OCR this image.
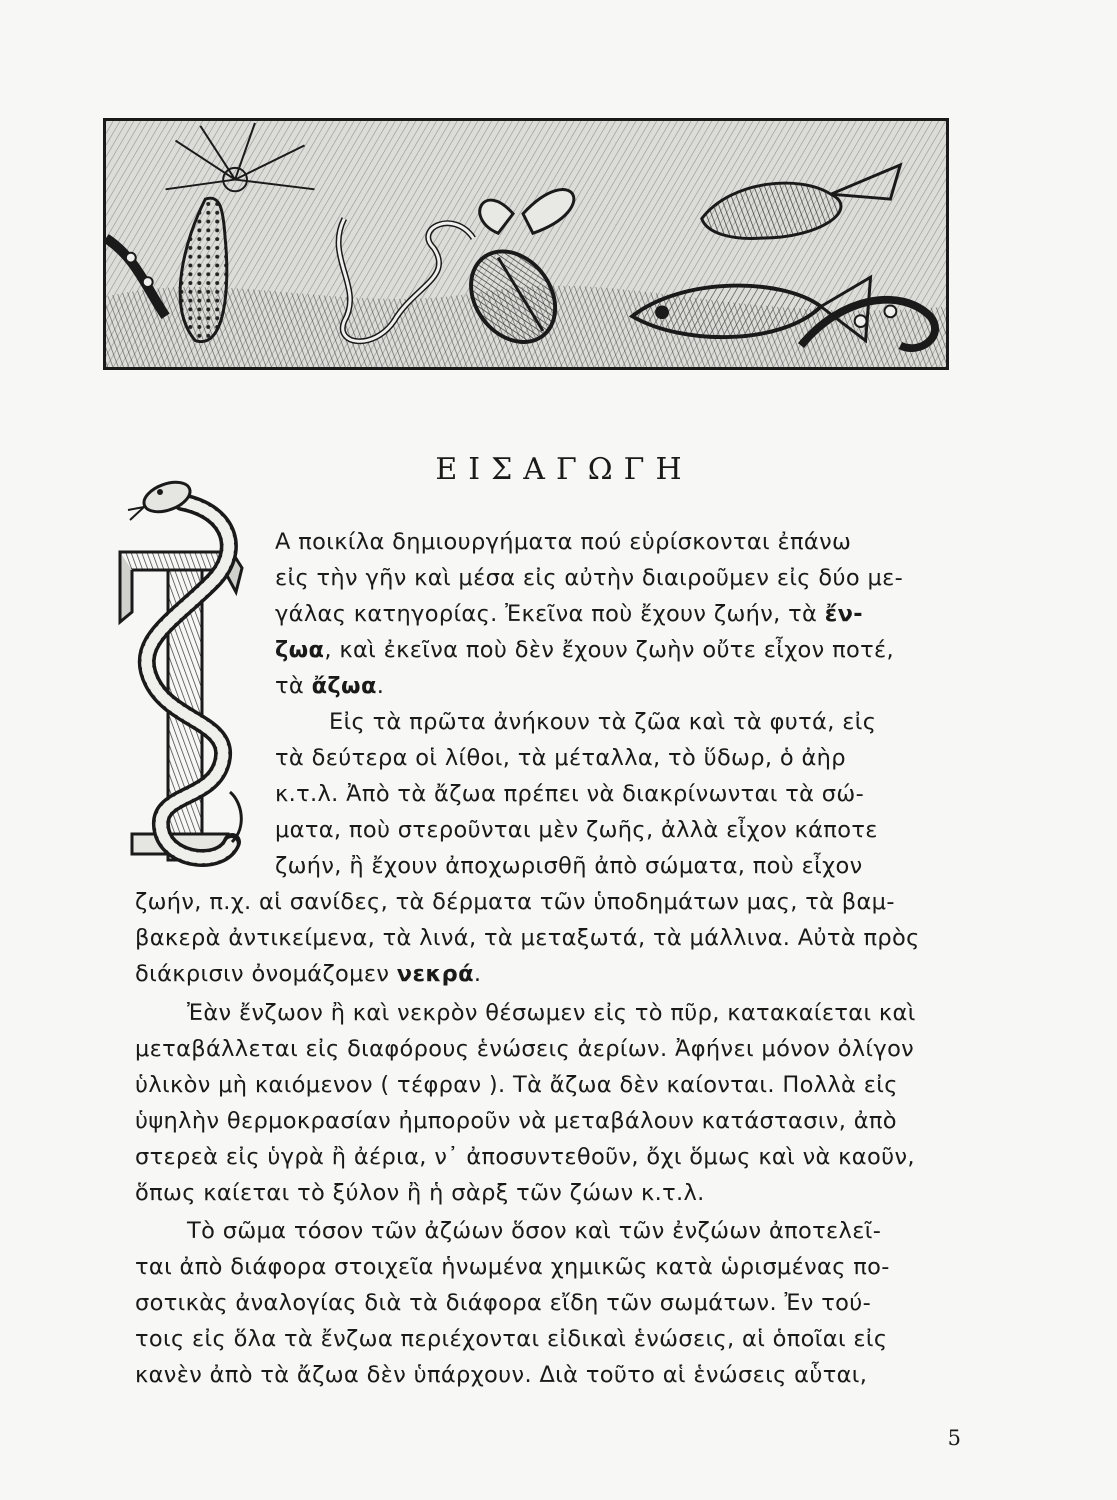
ΕΙΣΑΓΩΓΗ
Α ποικίλα δημιουργήματα πού εὑρίσκονται ἐπάνω
εἰς τὴν γῆν καὶ μέσα εἰς αὐτὴν διαιροῦμεν εἰς δύο με-
γάλας κατηγορίας. Ἐκεῖνα ποὺ ἔχουν ζωήν, τὰ ἔν-
ζωα, καὶ ἐκεῖνα ποὺ δὲν ἔχουν ζωὴν οὔτε εἶχον ποτέ,
τὰ ἄζωα.
Εἰς τὰ πρῶτα ἀνήκουν τὰ ζῶα καὶ τὰ φυτά, εἰς
τὰ δεύτερα οἱ λίθοι, τὰ μέταλλα, τὸ ὕδωρ, ὁ ἀὴρ
κ.τ.λ. Ἀπὸ τὰ ἄζωα πρέπει νὰ διακρίνωνται τὰ σώ-
ματα, ποὺ στεροῦνται μὲν ζωῆς, ἀλλὰ εἶχον κάποτε
ζωήν, ἢ ἔχουν ἀποχωρισθῆ ἀπὸ σώματα, ποὺ εἶχον
ζωήν, π.χ. αἱ σανίδες, τὰ δέρματα τῶν ὑποδημάτων μας, τὰ βαμ-
βακερὰ ἀντικείμενα, τὰ λινά, τὰ μεταξωτά, τὰ μάλλινα. Αὐτὰ πρὸς
διάκρισιν ὀνομάζομεν νεκρά.
Ἐὰν ἔνζωον ἢ καὶ νεκρὸν θέσωμεν εἰς τὸ πῦρ, κατακαίεται καὶ
μεταβάλλεται εἰς διαφόρους ἑνώσεις ἀερίων. Ἀφήνει μόνον ὀλίγον
ὑλικὸν μὴ καιόμενον ( τέφραν ). Τὰ ἄζωα δὲν καίονται. Πολλὰ εἰς
ὑψηλὴν θερμοκρασίαν ἠμποροῦν νὰ μεταβάλουν κατάστασιν, ἀπὸ
στερεὰ εἰς ὑγρὰ ἢ ἀέρια, ν᾿ ἀποσυντεθοῦν, ὄχι ὅμως καὶ νὰ καοῦν,
ὅπως καίεται τὸ ξύλον ἢ ἡ σὰρξ τῶν ζώων κ.τ.λ.
Τὸ σῶμα τόσον τῶν ἀζώων ὅσον καὶ τῶν ἐνζώων ἀποτελεῖ-
ται ἀπὸ διάφορα στοιχεῖα ἡνωμένα χημικῶς κατὰ ὡρισμένας πο-
σοτικὰς ἀναλογίας διὰ τὰ διάφορα εἴδη τῶν σωμάτων. Ἐν τού-
τοις εἰς ὅλα τὰ ἔνζωα περιέχονται εἰδικαὶ ἑνώσεις, αἱ ὁποῖαι εἰς
κανὲν ἀπὸ τὰ ἄζωα δὲν ὑπάρχουν. Διὰ τοῦτο αἱ ἑνώσεις αὗται,
5
